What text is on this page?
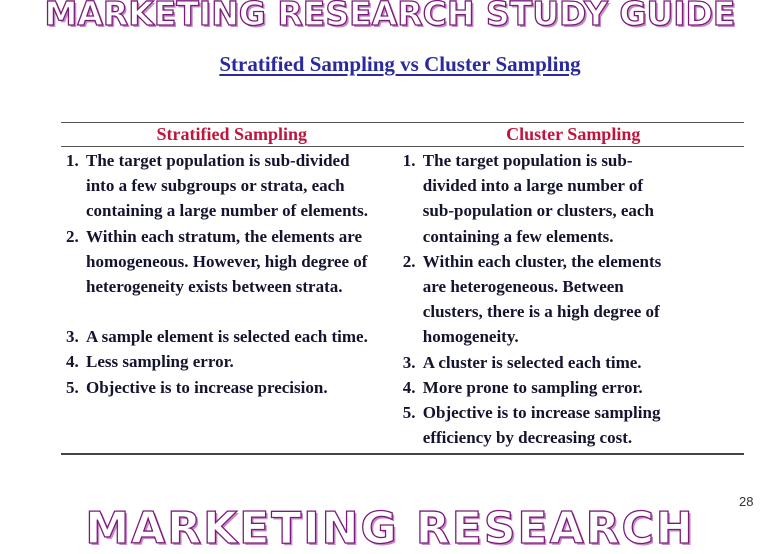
MARKETING RESEARCH STUDY GUIDE
Stratified Sampling vs Cluster Sampling
Stratified Sampling	Cluster Sampling
1. The target population is sub-divided
into a few subgroups or strata, each
containing a large number of elements.
2. Within each stratum, the elements are
homogeneous. However, high degree of
heterogeneity exists between strata.
3. A sample element is selected each time.
4. Less sampling error.
5. Objective is to increase precision.
1. The target population is sub-
divided into a large number of
sub-population or clusters, each
containing a few elements.
2. Within each cluster, the elements
are heterogeneous. Between
clusters, there is a high degree of
homogeneity.
3. A cluster is selected each time.
4. More prone to sampling error.
5. Objective is to increase sampling
efficiency by decreasing cost.
28
MARKETING RESEARCH
